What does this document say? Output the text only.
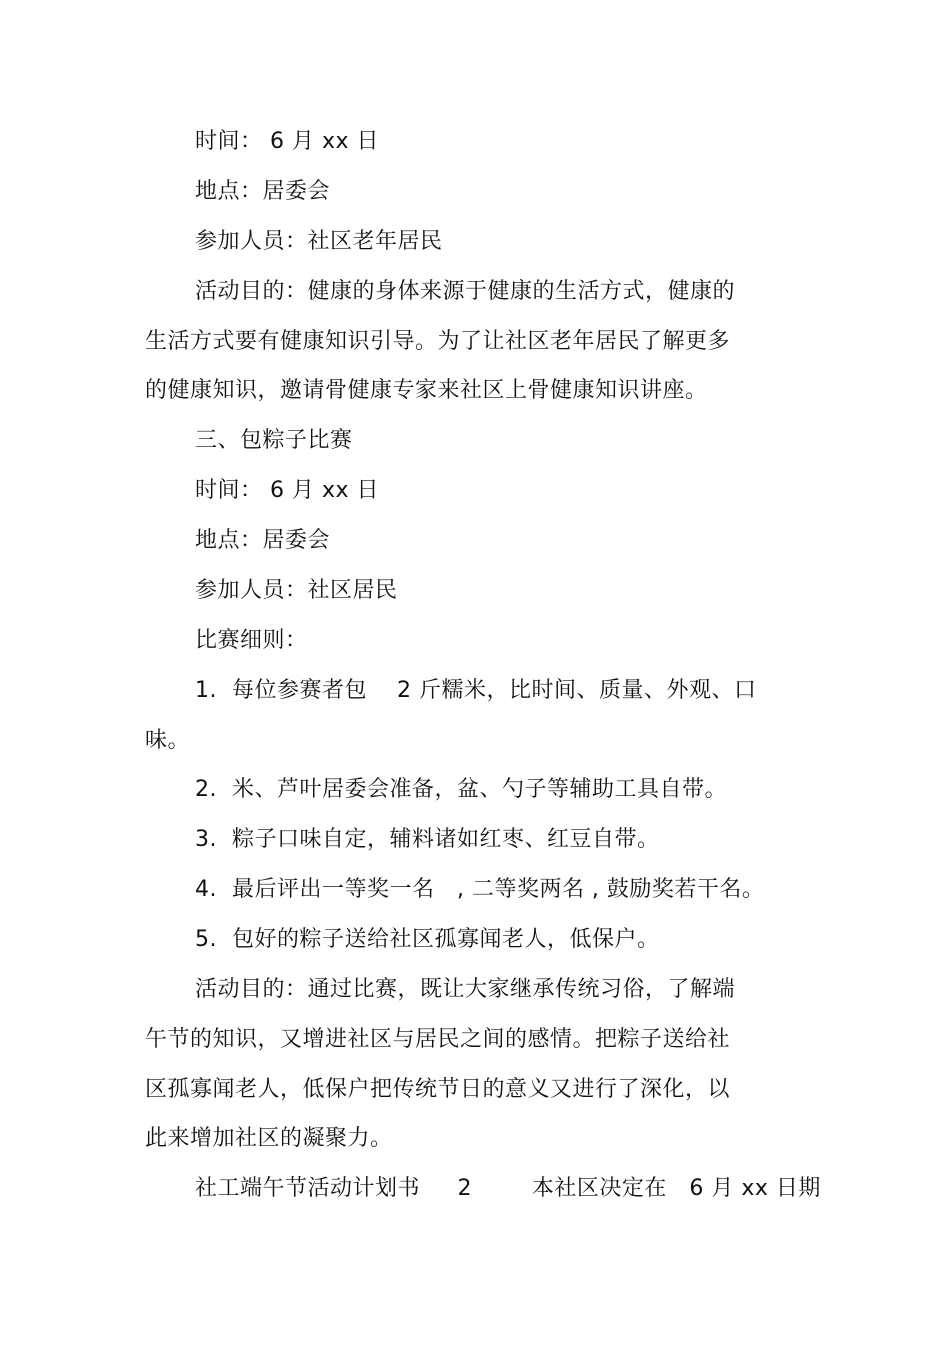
时间： 6 月 xx 日
地点：居委会
参加人员：社区老年居民
活动目的：健康的身体来源于健康的生活方式，健康的
生活方式要有健康知识引导。为了让社区老年居民了解更多
的健康知识，邀请骨健康专家来社区上骨健康知识讲座。
三、包粽子比赛
时间： 6 月 xx 日
地点：居委会
参加人员：社区居民
比赛细则：
1.  每位参赛者包    2 斤糯米，比时间、质量、外观、口
味。
2.  米、芦叶居委会准备，盆、勺子等辅助工具自带。
3.  粽子口味自定，辅料诸如红枣、红豆自带。
4.  最后评出一等奖一名   , 二等奖两名 , 鼓励奖若干名。
5.  包好的粽子送给社区孤寡闻老人，低保户。
活动目的：通过比赛，既让大家继承传统习俗，了解端
午节的知识，又增进社区与居民之间的感情。把粽子送给社
区孤寡闻老人，低保户把传统节日的意义又进行了深化，以
此来增加社区的凝聚力。
社工端午节活动计划书     2        本社区决定在   6 月 xx 日期
